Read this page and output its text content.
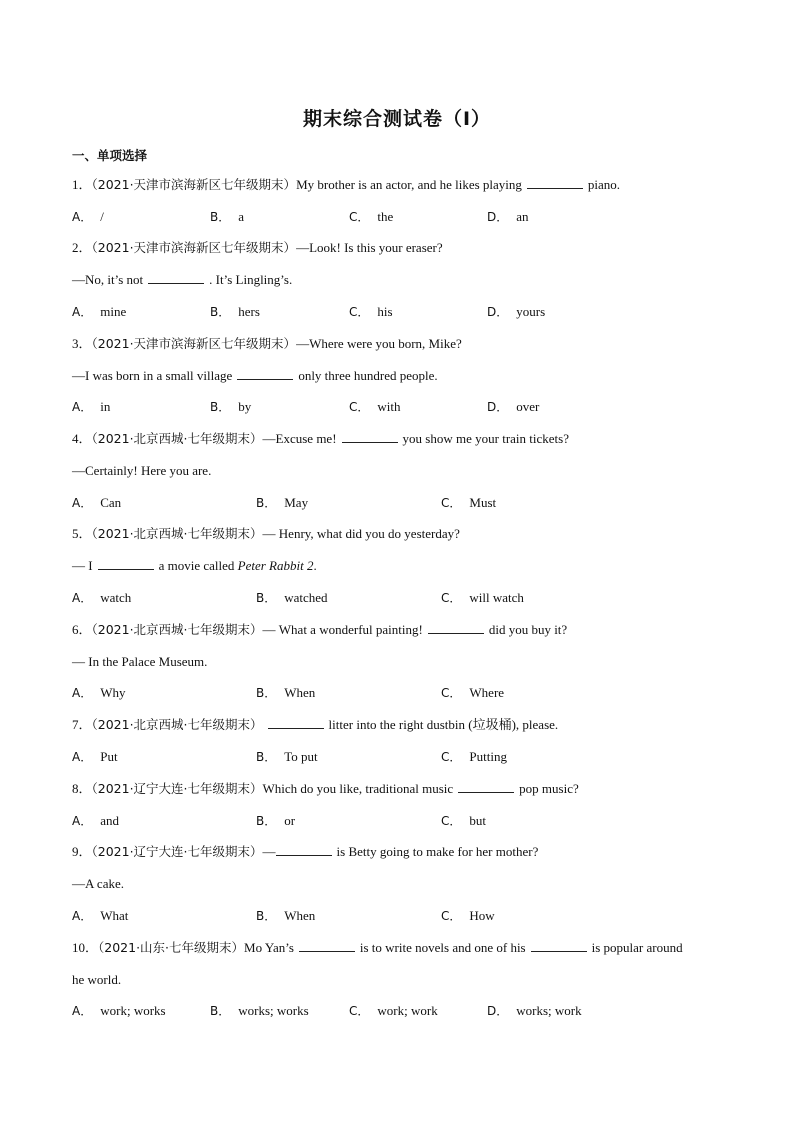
期末综合测试卷（I）
一、单项选择
1．（2021·天津市滨海新区七年级期末）My brother is an actor, and he likes playing	piano.
A ． /	B ． a	C ． the	D ． an
2．（2021·天津市滨海新区七年级期末）—Look! Is this your eraser?
—No, it’s not	. It’s Lingling’s.
A ． mine	B ． hers	C ． his	D ． yours
3．（2021·天津市滨海新区七年级期末）—Where were you born, Mike?
—I was born in a small village	only three hundred people.
A ． in	B ． by	C ． with	D ． over
4．（2021·北京西城·七年级期末）—Excuse me!	you show me your train tickets?
—Certainly! Here you are.
A ． Can	B ． May	C ． Must
5．（2021·北京西城·七年级期末）— Henry, what did you do yesterday?
— I	a movie called Peter Rabbit 2.
A ． watch	B ． watched	C ． will watch
6．（2021·北京西城·七年级期末）— What a wonderful painting!	did you buy it?
— In the Palace Museum.
A ． Why	B ． When	C ． Where
7．（2021·北京西城·七年级期末）	litter into the right dustbin (垃圾桶), please.
A ． Put	B ． To put	C ． Putting
8．（2021·辽宁大连·七年级期末）Which do you like, traditional music	pop music?
A ． and	B ． or	C ． but
9．（2021·辽宁大连·七年级期末）—	is Betty going to make for her mother?
—A cake.
A ． What	B ． When	C ． How
10．（2021·山东·七年级期末）Mo Yan’s	is to write novels and one of his	is popular around
he world.
A ． work; works	B ． works; works	C ． work; work	D ． works; work
